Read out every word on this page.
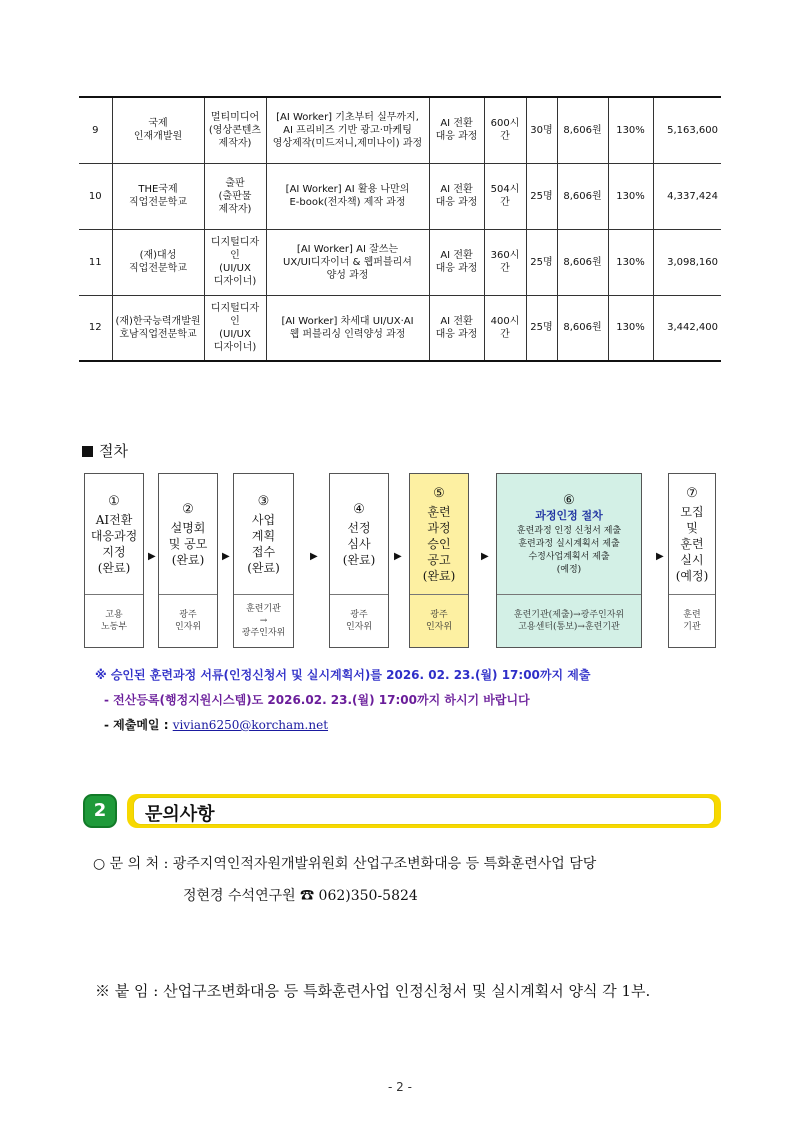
9	국제
인재개발원	멀티미디어
(영상콘텐츠
제작자)	[AI Worker] 기초부터 실무까지,
AI 프리비즈 기반 광고·마케팅
영상제작(미드저니,제미나이) 과정	AI 전환
대응 과정	600시간	30명	8,606원	130%	5,163,600
10	THE국제
직업전문학교	출판
(출판물
제작자)	[AI Worker] AI 활용 나만의
E-book(전자책) 제작 과정	AI 전환
대응 과정	504시간	25명	8,606원	130%	4,337,424
11	(재)대성
직업전문학교	디지털디자인
(UI/UX
디자이너)	[AI Worker] AI 잘쓰는
UX/UI디자이너 & 웹퍼블리셔
양성 과정	AI 전환
대응 과정	360시간	25명	8,606원	130%	3,098,160
12	(재)한국능력개발원
호남직업전문학교	디지털디자인
(UI/UX
디자이너)	[AI Worker] 차세대 UI/UX·AI
웹 퍼블리싱 인력양성 과정	AI 전환
대응 과정	400시간	25명	8,606원	130%	3,442,400
절차
①
AI전환
대응과정
지정
(완료)
고용
노동부
②
설명회
및 공모
(완료)
광주
인자위
③
사업
계획
접수
(완료)
훈련기관
→
광주인자위
④
선정
심사
(완료)
광주
인자위
⑤
훈련
과정
승인
공고
(완료)
광주
인자위
⑥
과정인정 절차
훈련과정 인정 신청서 제출
훈련과정 실시계획서 제출
수정사업계획서 제출
(예정)
훈련기관(제출)→광주인자위
고용센터(통보)→훈련기관
⑦
모집
및
훈련
실시
(예정)
훈련
기관
▶	▶	▶	▶	▶	▶
※ 승인된 훈련과정 서류(인정신청서 및 실시계획서)를 2026. 02. 23.(월) 17:00까지 제출
- 전산등록(행정지원시스템)도 2026.02. 23.(월) 17:00까지 하시기 바랍니다
- 제출메일 : vivian6250@korcham.net
2	문의사항
○ 문 의 처 : 광주지역인적자원개발위원회 산업구조변화대응 등 특화훈련사업 담당
정현경 수석연구원 ☎ 062)350-5824
※ 붙 임 : 산업구조변화대응 등 특화훈련사업 인정신청서 및 실시계획서 양식 각 1부.
- 2 -
